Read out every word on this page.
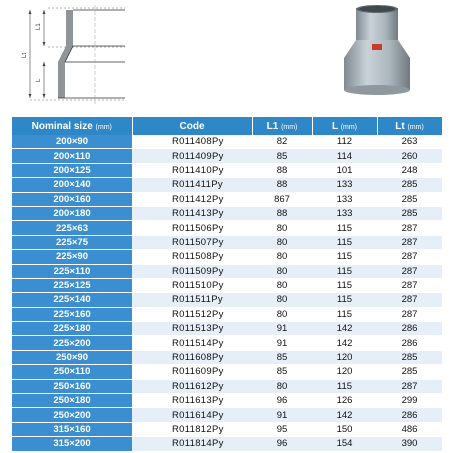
L1
L
Lt
Nominal size (mm)	Code	L1 (mm)	L (mm)	Lt (mm)
200×90	R011408Py	82	112	263
200×110	R011409Py	85	114	260
200×125	R011410Py	88	101	248
200×140	R011411Py	88	133	285
200×160	R011412Py	867	133	285
200×180	R011413Py	88	133	285
225×63	R011506Py	80	115	287
225×75	R011507Py	80	115	287
225×90	R011508Py	80	115	287
225×110	R011509Py	80	115	287
225×125	R011510Py	80	115	287
225×140	R011511Py	80	115	287
225×160	R011512Py	80	115	287
225×180	R011513Py	91	142	286
225×200	R011514Py	91	142	286
250×90	R011608Py	85	120	285
250×110	R011609Py	85	120	285
250×160	R011612Py	80	115	287
250×180	R011613Py	96	126	299
250×200	R011614Py	91	142	286
315×160	R011812Py	95	150	486
315×200	R011814Py	96	154	390
